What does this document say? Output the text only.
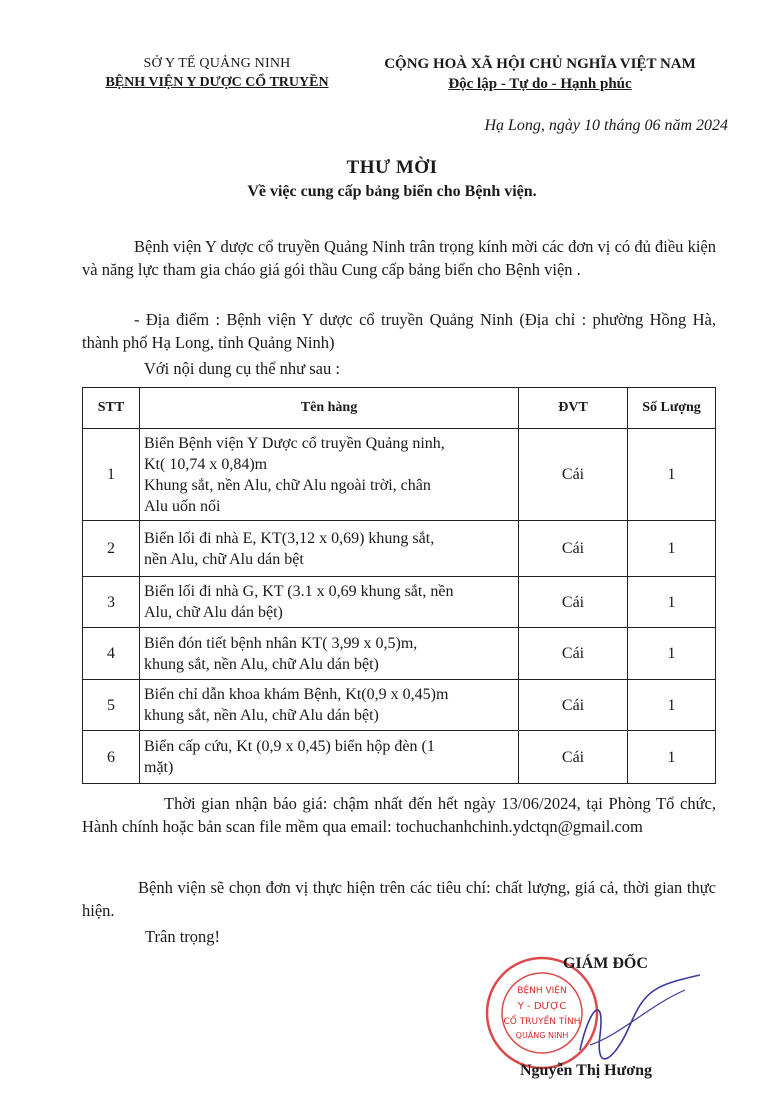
SỞ Y TẾ QUẢNG NINH
BỆNH VIỆN Y DƯỢC CỔ TRUYỀN
CỘNG HOÀ XÃ HỘI CHỦ NGHĨA VIỆT NAM
Độc lập - Tự do - Hạnh phúc
Hạ Long, ngày 10 tháng 06 năm 2024
THƯ MỜI
Về việc cung cấp bảng biển cho Bệnh viện.
Bệnh viện Y dược cổ truyền Quảng Ninh trân trọng kính mời các đơn vị có đủ điều kiện và năng lực tham gia cháo giá gói thầu Cung cấp bảng biển cho Bệnh viện .
- Địa điểm : Bệnh viện Y dược cổ truyền Quảng Ninh (Địa chỉ : phường Hồng Hà, thành phố Hạ Long, tỉnh Quảng Ninh)
Với nội dung cụ thể như sau :
STT	Tên hàng	ĐVT	Số Lượng
1	Biển Bệnh viện Y Dược cổ truyền Quảng ninh,
Kt( 10,74 x 0,84)m
Khung sắt, nền Alu, chữ Alu ngoài trời, chân
Alu uốn nổi	Cái	1
2	Biển lối đi nhà E, KT(3,12 x 0,69) khung sắt,
nền Alu, chữ Alu dán bệt	Cái	1
3	Biển lối đi nhà G, KT (3.1 x 0,69 khung sắt, nền
Alu, chữ Alu dán bệt)	Cái	1
4	Biển đón tiết bệnh nhân KT( 3,99 x 0,5)m,
khung sắt, nền Alu, chữ Alu dán bệt)	Cái	1
5	Biển chỉ dẫn khoa khám Bệnh, Kt(0,9 x 0,45)m
khung sắt, nền Alu, chữ Alu dán bệt)	Cái	1
6	Biển cấp cứu, Kt (0,9 x 0,45) biển hộp đèn (1
mặt)	Cái	1
Thời gian nhận báo giá: chậm nhất đến hết ngày 13/06/2024, tại Phòng Tổ chức, Hành chính hoặc bản scan file mềm qua email: tochuchanhchinh.ydctqn@gmail.com
Bệnh viện sẽ chọn đơn vị thực hiện trên các tiêu chí: chất lượng, giá cả, thời gian thực hiện.
Trân trọng!
BỆNH VIỆN
Y - DƯỢC
CỔ TRUYỀN TỈNH
QUẢNG NINH
GIÁM ĐỐC
Nguyễn Thị Hương
